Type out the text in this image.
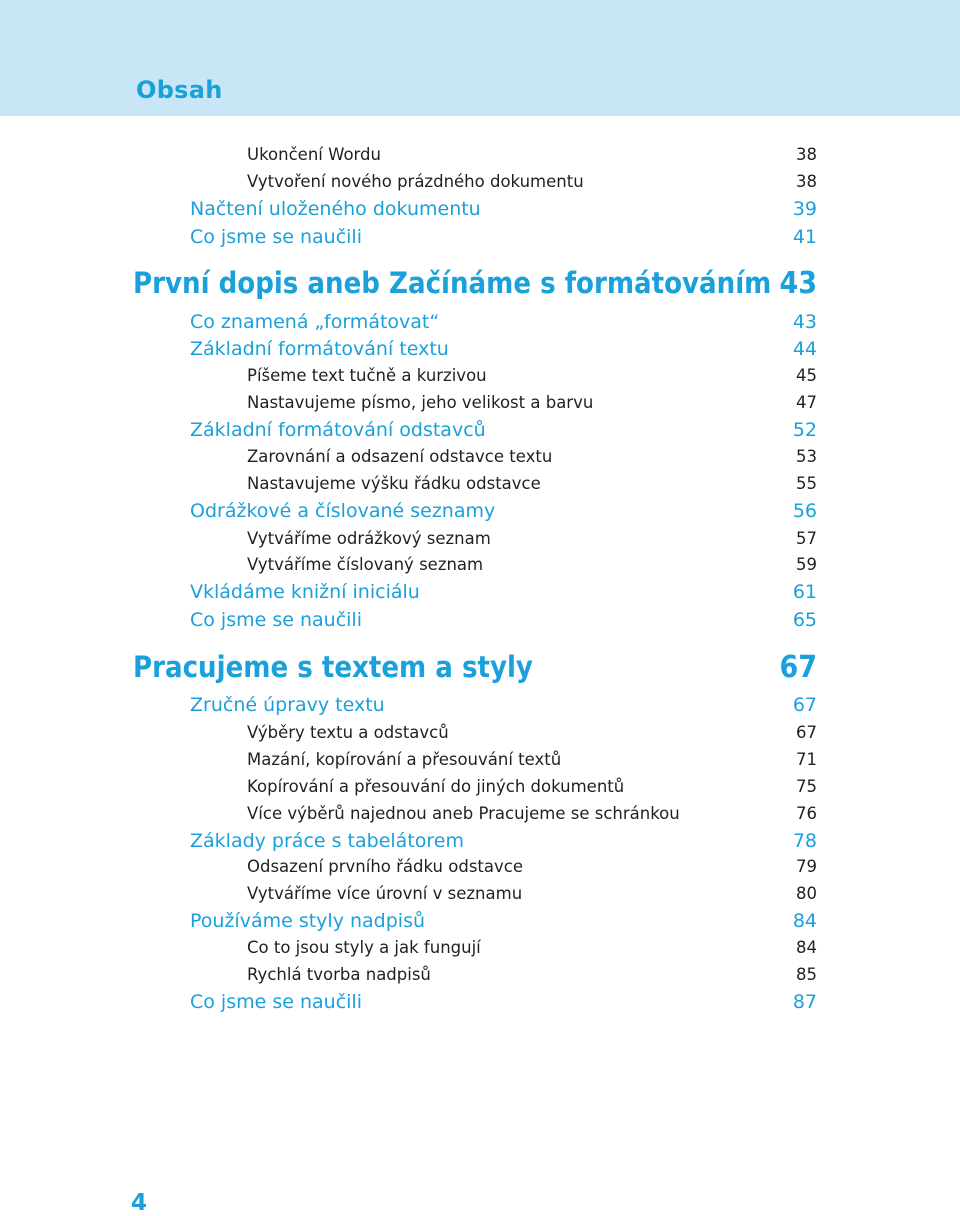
Obsah
Ukončení Wordu	38
Vytvoření nového prázdného dokumentu	38
Načtení uloženého dokumentu	39
Co jsme se naučili	41
První dopis aneb Začínáme s formátováním 43
Co znamená „formátovat“	43
Základní formátování textu	44
Píšeme text tučně a kurzivou	45
Nastavujeme písmo, jeho velikost a barvu	47
Základní formátování odstavců	52
Zarovnání a odsazení odstavce textu	53
Nastavujeme výšku řádku odstavce	55
Odrážkové a číslované seznamy	56
Vytváříme odrážkový seznam	57
Vytváříme číslovaný seznam	59
Vkládáme knižní iniciálu	61
Co jsme se naučili	65
Pracujeme s textem a styly	67
Zručné úpravy textu	67
Výběry textu a odstavců	67
Mazání, kopírování a přesouvání textů	71
Kopírování a přesouvání do jiných dokumentů	75
Více výběrů najednou aneb Pracujeme se schránkou	76
Základy práce s tabelátorem	78
Odsazení prvního řádku odstavce	79
Vytváříme více úrovní v seznamu	80
Používáme styly nadpisů	84
Co to jsou styly a jak fungují	84
Rychlá tvorba nadpisů	85
Co jsme se naučili	87
4
